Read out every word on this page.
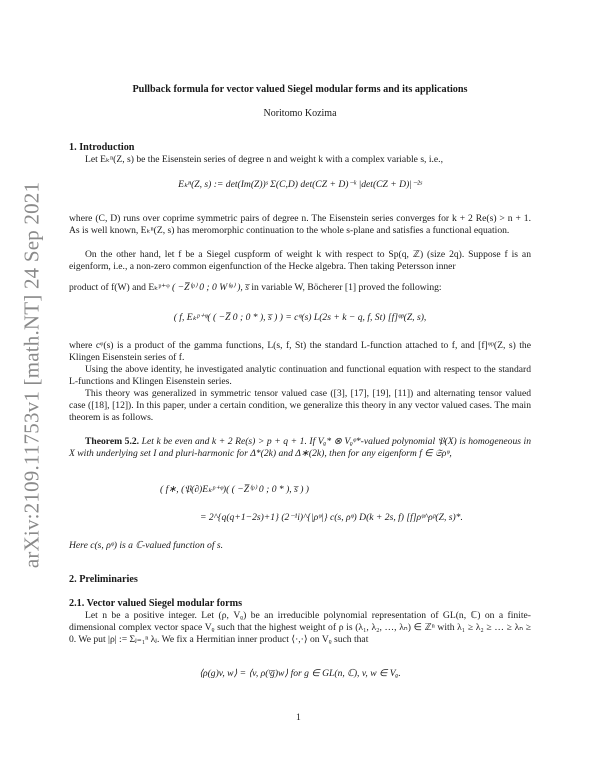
arXiv:2109.11753v1 [math.NT] 24 Sep 2021
Pullback formula for vector valued Siegel modular forms and its applications
Noritomo Kozima
1. Introduction
Let Eₖⁿ(Z, s) be the Eisenstein series of degree n and weight k with a complex variable s, i.e.,
Eₖⁿ(Z, s) := det(Im(Z))ˢ Σ(C,D) det(CZ + D)⁻ᵏ |det(CZ + D)|⁻²ˢ
where (C, D) runs over coprime symmetric pairs of degree n. The Eisenstein series converges for k + 2 Re(s) > n + 1. As is well known, Eₖⁿ(Z, s) has meromorphic continuation to the whole s-plane and satisfies a functional equation.
On the other hand, let f be a Siegel cuspform of weight k with respect to Sp(q, ℤ) (size 2q). Suppose f is an eigenform, i.e., a non-zero common eigenfunction of the Hecke algebra. Then taking Petersson inner
product of f(W) and Eₖᵖ⁺ᵠ ( −Z̅⁽ᵖ⁾ 0 ; 0 W⁽ᵠ⁾ ), s̅ in variable W, Böcherer [1] proved the following:
( f, Eₖᵖ⁺ᵠ( ( −Z̅ 0 ; 0 * ), s̅ ) ) = cᵠ(s) L(2s + k − q, f, St) [f]ᵠᵖ(Z, s),
where cᵠ(s) is a product of the gamma functions, L(s, f, St) the standard L-function attached to f, and [f]ᵠᵖ(Z, s) the Klingen Eisenstein series of f.
Using the above identity, he investigated analytic continuation and functional equation with respect to the standard L-functions and Klingen Eisenstein series.
This theory was generalized in symmetric tensor valued case ([3], [17], [19], [11]) and alternating tensor valued case ([18], [12]). In this paper, under a certain condition, we generalize this theory in any vector valued cases. The main theorem is as follows.
Theorem 5.2. Let k be even and k + 2 Re(s) > p + q + 1. If Vᵨ* ⊗ Vᵨᵠ*-valued polynomial 𝔓(X) is homogeneous in X with underlying set I and pluri-harmonic for Δ*(2k) and Δ∗(2k), then for any eigenform f ∈ 𝔖ρᵠ,
( f∗, (𝔓(∂)Eₖᵖ⁺ᵠ)( ( −Z̅⁽ᵖ⁾ 0 ; 0 * ), s̅ ) )
= 2^{q(q+1−2s)+1} (2⁻¹i)^{|ρᵠ|} c(s, ρᵠ) D(k + 2s, f) [f]ρᵠ^ρᵖ(Z, s)*.
Here c(s, ρᵠ) is a ℂ-valued function of s.
2. Preliminaries
2.1. Vector valued Siegel modular forms
Let n be a positive integer. Let (ρ, Vᵨ) be an irreducible polynomial representation of GL(n, ℂ) on a finite-dimensional complex vector space Vᵨ such that the highest weight of ρ is (λ₁, λ₂, …, λₙ) ∈ ℤⁿ with λ₁ ≥ λ₂ ≥ … ≥ λₙ ≥ 0. We put |ρ| := Σⱼ₌₁ⁿ λⱼ. We fix a Hermitian inner product ⟨·,·⟩ on Vᵨ such that
⟨ρ(g)v, w⟩ = ⟨v, ρ(ᵗg̅)w⟩ for g ∈ GL(n, ℂ), v, w ∈ Vᵨ.
1
